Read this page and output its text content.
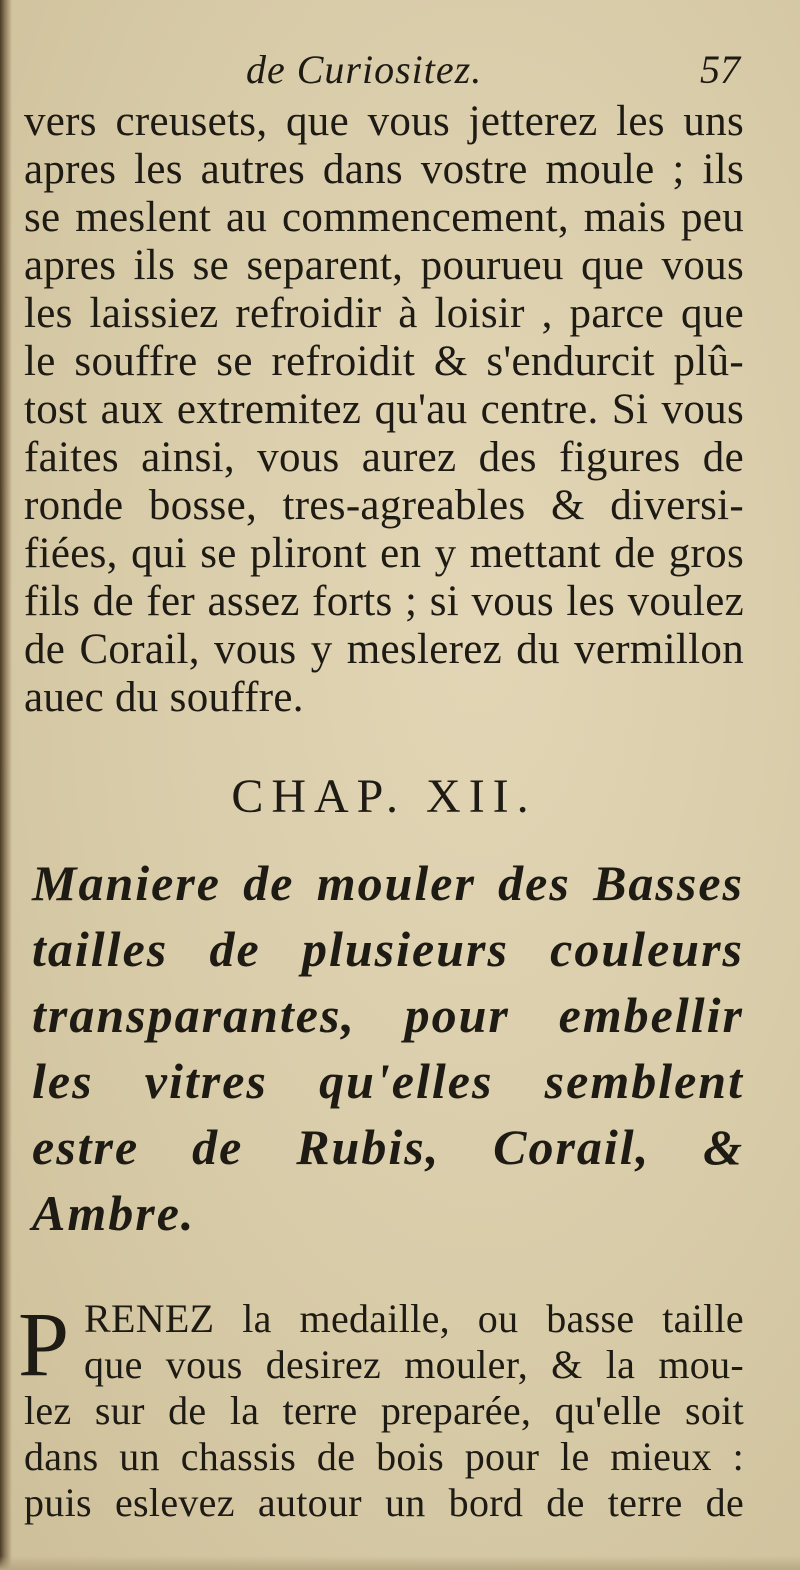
de Curiositez.	57
vers creusets, que vous jetterez les uns
apres les autres dans vostre moule ; ils
se meslent au commencement, mais peu
apres ils se separent, pourueu que vous
les laissiez refroidir à loisir , parce que
le souffre se refroidit & s'endurcit plû-
tost aux extremitez qu'au centre. Si vous
faites ainsi, vous aurez des figures de
ronde bosse, tres-agreables & diversi-
fiées, qui se pliront en y mettant de gros
fils de fer assez forts ; si vous les voulez
de Corail, vous y meslerez du vermillon
auec du souffre.
CHAP. XII.
Maniere de mouler des Basses
tailles de plusieurs couleurs
transparantes, pour embellir
les vitres qu'elles semblent
estre de Rubis, Corail, &
Ambre.
P RENEZ la medaille, ou basse taille
que vous desirez mouler, & la mou-
lez sur de la terre preparée, qu'elle soit
dans un chassis de bois pour le mieux :
puis eslevez autour un bord de terre de
